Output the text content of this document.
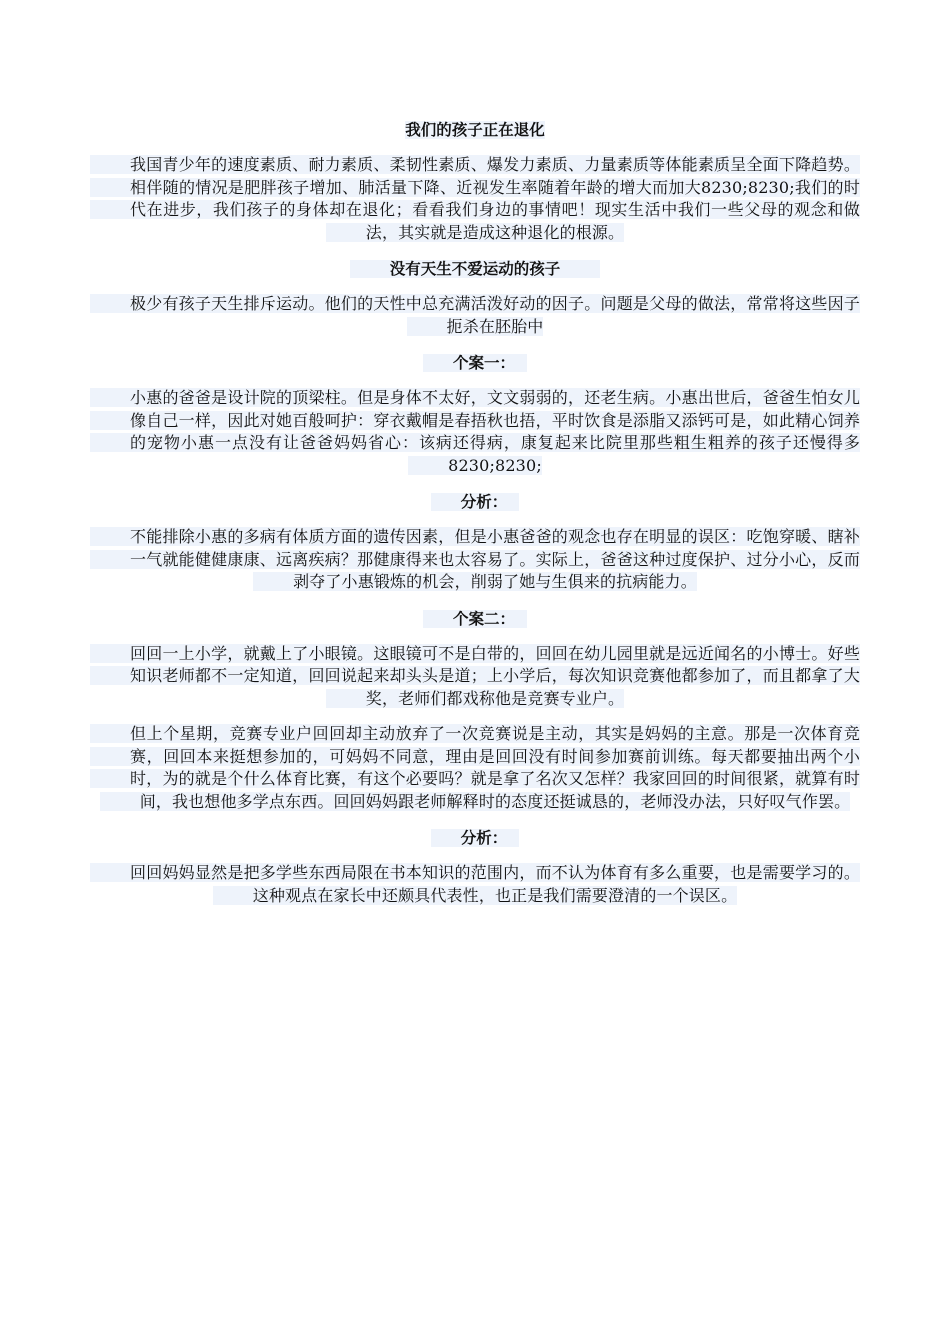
我们的孩子正在退化

我国青少年的速度素质、耐力素质、柔韧性素质、爆发力素质、力量素质等体能素质呈全面下降趋势。相伴随的情况是肥胖孩子增加、肺活量下降、近视发生率随着年龄的增大而加大8230;8230;我们的时代在进步，我们孩子的身体却在退化；看看我们身边的事情吧！现实生活中我们一些父母的观念和做法，其实就是造成这种退化的根源。

没有天生不爱运动的孩子

极少有孩子天生排斥运动。他们的天性中总充满活泼好动的因子。问题是父母的做法，常常将这些因子扼杀在胚胎中

个案一：

小惠的爸爸是设计院的顶梁柱。但是身体不太好，文文弱弱的，还老生病。小惠出世后，爸爸生怕女儿像自己一样，因此对她百般呵护：穿衣戴帽是春捂秋也捂，平时饮食是添脂又添钙可是，如此精心饲养的宠物小惠一点没有让爸爸妈妈省心：该病还得病，康复起来比院里那些粗生粗养的孩子还慢得多8230;8230;

分析：

不能排除小惠的多病有体质方面的遗传因素，但是小惠爸爸的观念也存在明显的误区：吃饱穿暖、瞎补一气就能健健康康、远离疾病？那健康得来也太容易了。实际上，爸爸这种过度保护、过分小心，反而剥夺了小惠锻炼的机会，削弱了她与生俱来的抗病能力。

个案二：

回回一上小学，就戴上了小眼镜。这眼镜可不是白带的，回回在幼儿园里就是远近闻名的小博士。好些知识老师都不一定知道，回回说起来却头头是道；上小学后，每次知识竞赛他都参加了，而且都拿了大奖，老师们都戏称他是竞赛专业户。

但上个星期，竞赛专业户回回却主动放弃了一次竞赛说是主动，其实是妈妈的主意。那是一次体育竞赛，回回本来挺想参加的，可妈妈不同意，理由是回回没有时间参加赛前训练。每天都要抽出两个小时，为的就是个什么体育比赛，有这个必要吗？就是拿了名次又怎样？我家回回的时间很紧，就算有时间，我也想他多学点东西。回回妈妈跟老师解释时的态度还挺诚恳的，老师没办法，只好叹气作罢。

分析：

回回妈妈显然是把多学些东西局限在书本知识的范围内，而不认为体育有多么重要，也是需要学习的。这种观点在家长中还颇具代表性，也正是我们需要澄清的一个误区。
